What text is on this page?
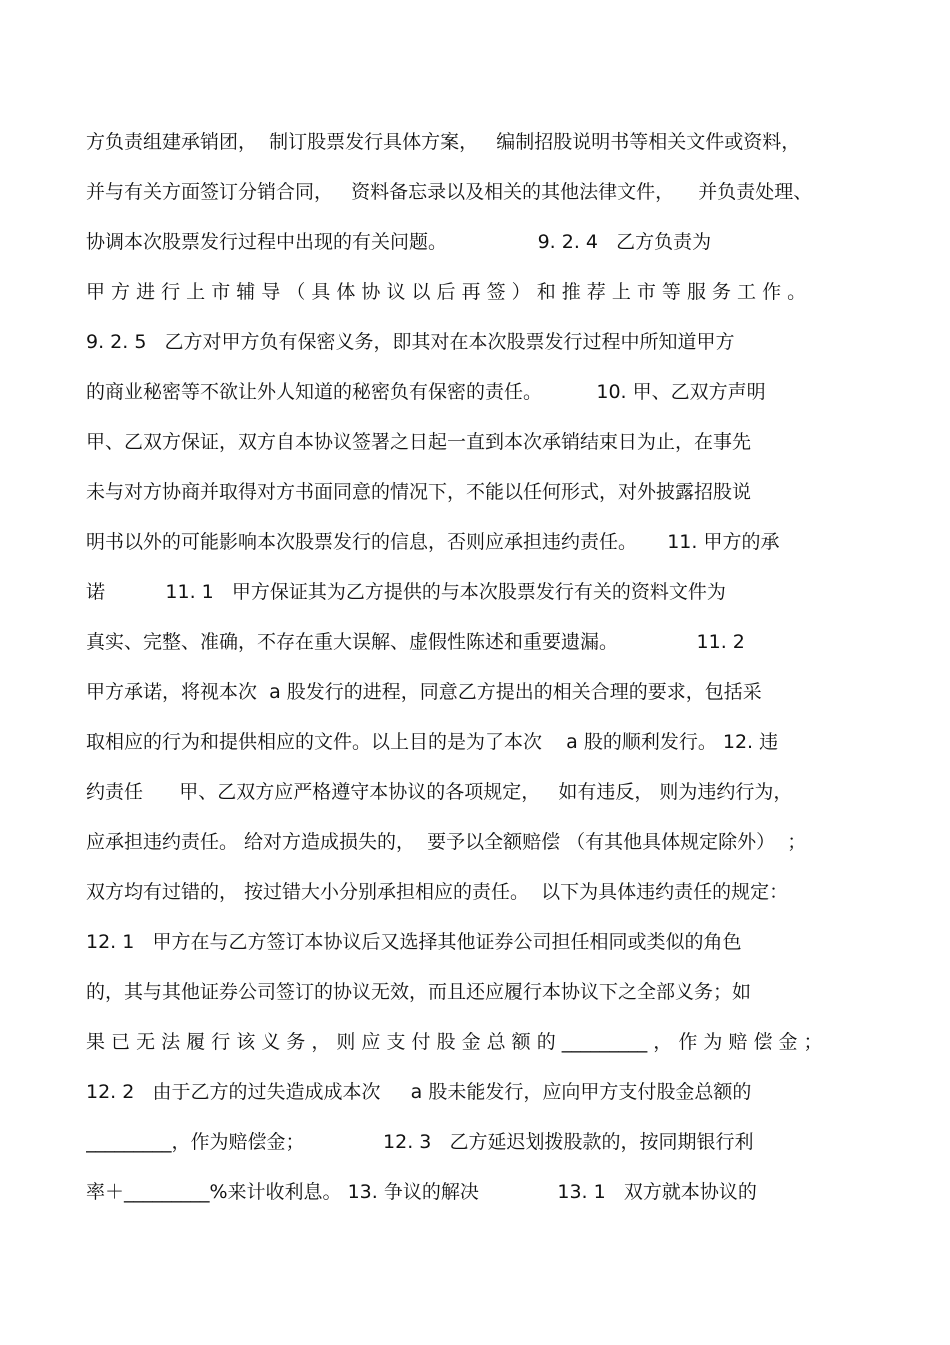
方负责组建承销团，  制订股票发行具体方案，   编制招股说明书等相关文件或资料，
并与有关方面签订分销合同，   资料备忘录以及相关的其他法律文件，    并负责处理、
协调本次股票发行过程中出现的有关问题。               9. 2. 4   乙方负责为
甲 方 进 行 上 市 辅 导 （ 具 体 协 议 以 后 再 签 ） 和 推 荐 上 市 等 服 务 工 作 。
9. 2. 5   乙方对甲方负有保密义务，即其对在本次股票发行过程中所知道甲方
的商业秘密等不欲让外人知道的秘密负有保密的责任。         10. 甲、乙双方声明
甲、乙双方保证，双方自本协议签署之日起一直到本次承销结束日为止，在事先
未与对方协商并取得对方书面同意的情况下，不能以任何形式，对外披露招股说
明书以外的可能影响本次股票发行的信息，否则应承担违约责任。     11. 甲方的承
诺          11. 1   甲方保证其为乙方提供的与本次股票发行有关的资料文件为
真实、完整、准确，不存在重大误解、虚假性陈述和重要遗漏。             11. 2
甲方承诺，将视本次  a 股发行的进程，同意乙方提出的相关合理的要求，包括采
取相应的行为和提供相应的文件。以上目的是为了本次    a 股的顺利发行。 12. 违
约责任      甲、乙双方应严格遵守本协议的各项规定，   如有违反， 则为违约行为，
应承担违约责任。 给对方造成损失的，  要予以全额赔偿 （有其他具体规定除外）  ；
双方均有过错的， 按过错大小分别承担相应的责任。  以下为具体违约责任的规定：
12. 1   甲方在与乙方签订本协议后又选择其他证券公司担任相同或类似的角色
的，其与其他证券公司签订的协议无效，而且还应履行本协议下之全部义务；如
果 已 无 法 履 行 该 义 务 ， 则 应 支 付 股 金 总 额 的 _________ ， 作 为 赔 偿 金 ；
12. 2   由于乙方的过失造成成本次     a 股未能发行，应向甲方支付股金总额的
_________，作为赔偿金；             12. 3   乙方延迟划拨股款的，按同期银行利
率＋_________%来计收利息。 13. 争议的解决             13. 1   双方就本协议的
